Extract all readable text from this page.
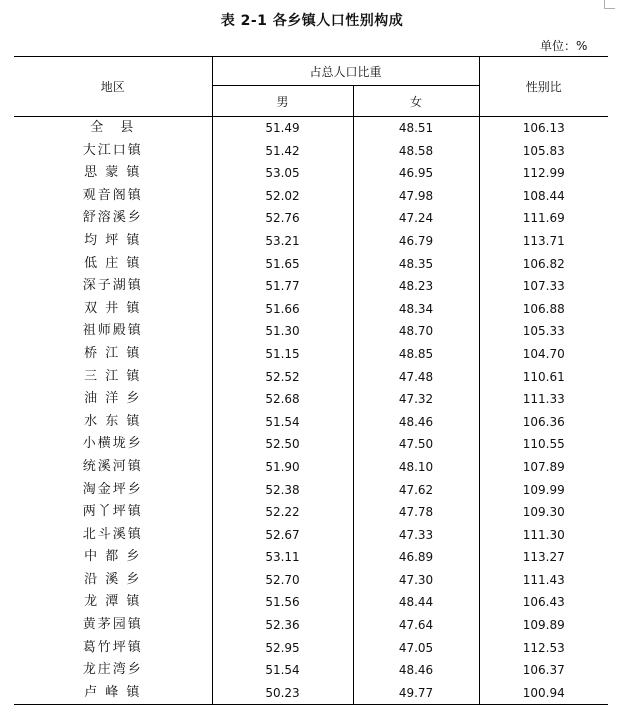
表 2-1 各乡镇人口性别构成
单位：%
地区	占总人口比重		性别比
	男	女	
全　县	51.49	48.51	106.13
大江口镇	51.42	48.58	105.83
思 蒙 镇	53.05	46.95	112.99
观音阁镇	52.02	47.98	108.44
舒溶溪乡	52.76	47.24	111.69
均 坪 镇	53.21	46.79	113.71
低 庄 镇	51.65	48.35	106.82
深子湖镇	51.77	48.23	107.33
双 井 镇	51.66	48.34	106.88
祖师殿镇	51.30	48.70	105.33
桥 江 镇	51.15	48.85	104.70
三 江 镇	52.52	47.48	110.61
油 洋 乡	52.68	47.32	111.33
水 东 镇	51.54	48.46	106.36
小横垅乡	52.50	47.50	110.55
统溪河镇	51.90	48.10	107.89
淘金坪乡	52.38	47.62	109.99
两丫坪镇	52.22	47.78	109.30
北斗溪镇	52.67	47.33	111.30
中 都 乡	53.11	46.89	113.27
沿 溪 乡	52.70	47.30	111.43
龙 潭 镇	51.56	48.44	106.43
黄茅园镇	52.36	47.64	109.89
葛竹坪镇	52.95	47.05	112.53
龙庄湾乡	51.54	48.46	106.37
卢 峰 镇	50.23	49.77	100.94
